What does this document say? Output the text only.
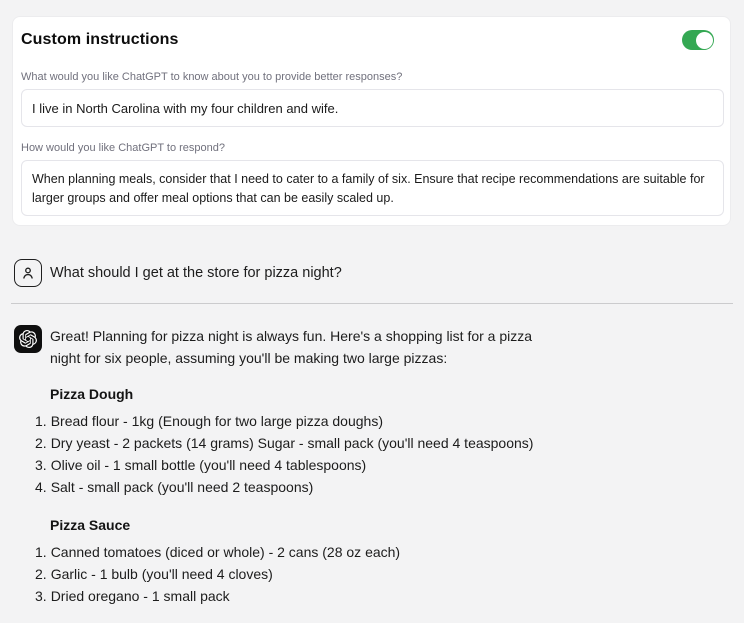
Custom instructions
What would you like ChatGPT to know about you to provide better responses?
I live in North Carolina with my four children and wife.
How would you like ChatGPT to respond?
When planning meals, consider that I need to cater to a family of six. Ensure that recipe recommendations are suitable for larger groups and offer meal options that can be easily scaled up.
What should I get at the store for pizza night?

Great! Planning for pizza night is always fun. Here's a shopping list for a pizza night for six people, assuming you'll be making two large pizzas:

Pizza Dough
Bread flour - 1kg (Enough for two large pizza doughs)
Dry yeast - 2 packets (14 grams) Sugar - small pack (you'll need 4 teaspoons)
Olive oil - 1 small bottle (you'll need 4 tablespoons)
Salt - small pack (you'll need 2 teaspoons)
Pizza Sauce
Canned tomatoes (diced or whole) - 2 cans (28 oz each)
Garlic - 1 bulb (you'll need 4 cloves)
Dried oregano - 1 small pack
